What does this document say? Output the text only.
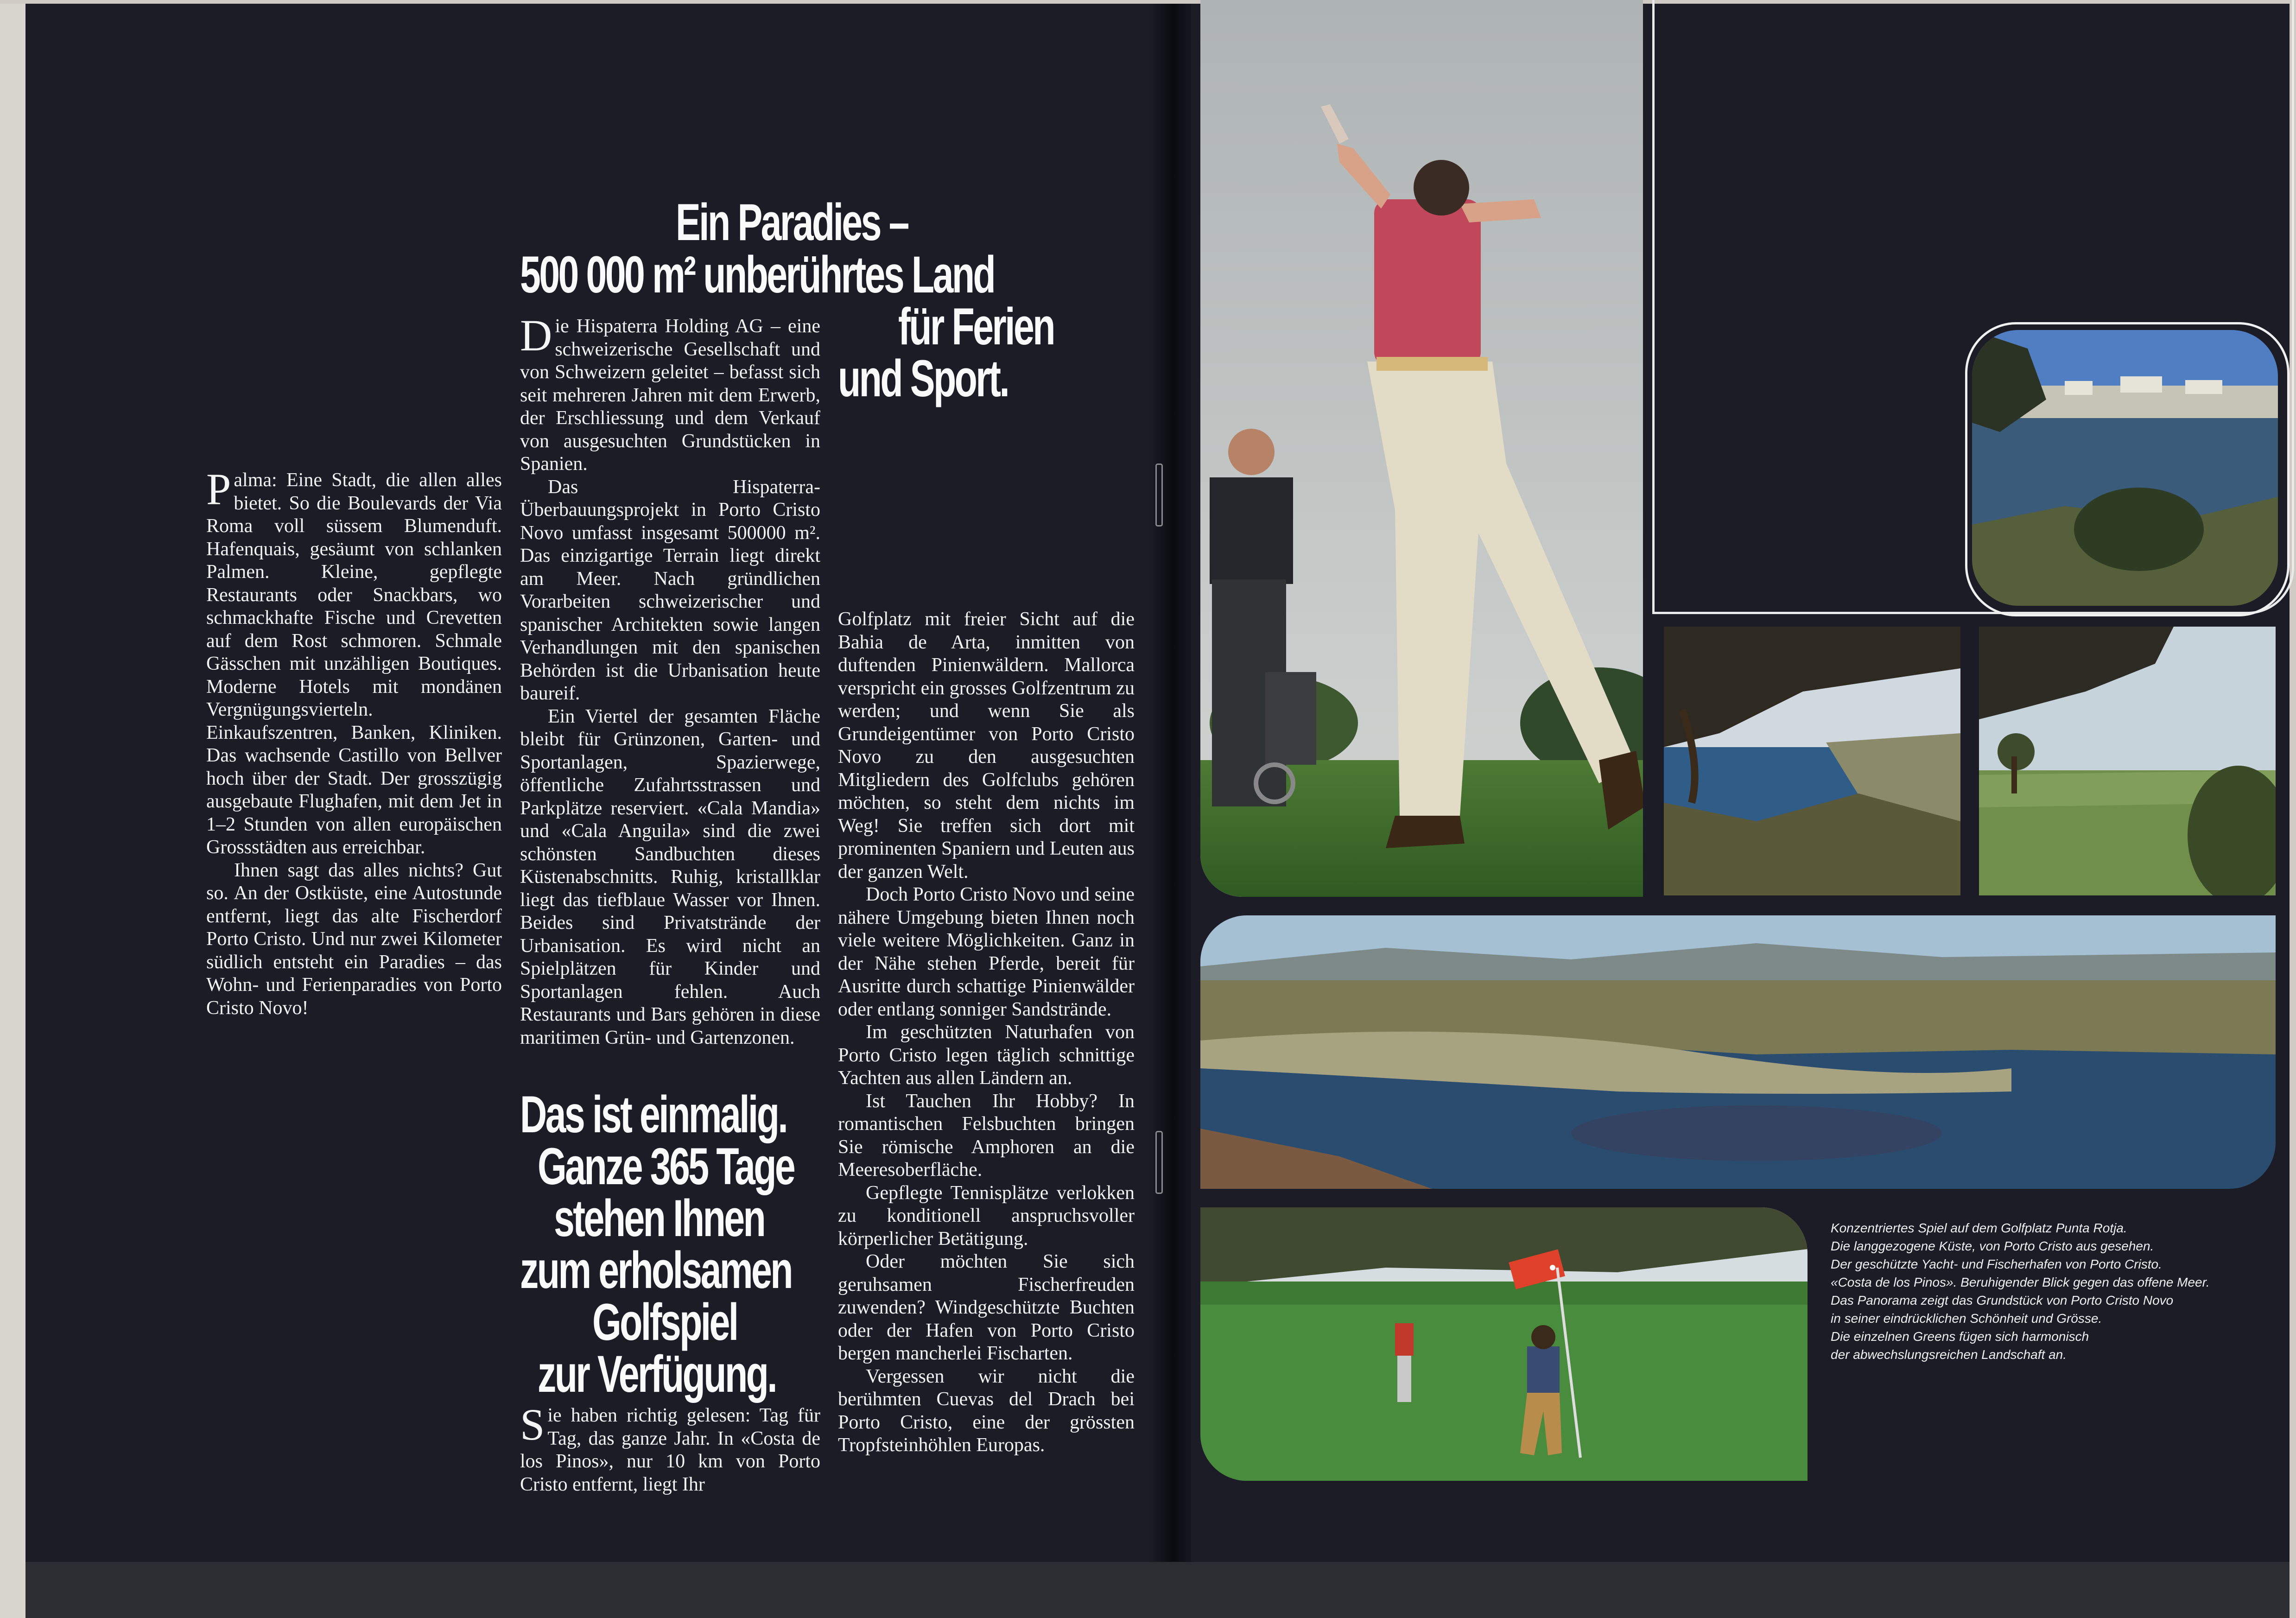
Ein Paradies –
500 000 m² unberührtes Land
für Ferien
und Sport.

Palma: Eine Stadt, die allen alles bietet. So die Boulevards der Via Roma voll süssem Blumenduft. Hafenquais, gesäumt von schlanken Palmen. Kleine, gepflegte Restaurants oder Snackbars, wo schmackhafte Fische und Crevetten auf dem Rost schmoren. Schmale Gässchen mit unzähligen Boutiques. Moderne Hotels mit mondänen Vergnügungsvierteln. Einkaufszentren, Banken, Kliniken. Das wachsende Castillo von Bellver hoch über der Stadt. Der grosszügig ausgebaute Flughafen, mit dem Jet in 1–2 Stunden von allen europäischen Grossstädten aus erreichbar.

Ihnen sagt das alles nichts? Gut so. An der Ostküste, eine Autostunde entfernt, liegt das alte Fischerdorf Porto Cristo. Und nur zwei Kilometer südlich entsteht ein Paradies – das Wohn- und Ferienparadies von Porto Cristo Novo!

Die Hispaterra Holding AG – eine schweizerische Gesellschaft und von Schweizern geleitet – befasst sich seit mehreren Jahren mit dem Erwerb, der Erschliessung und dem Verkauf von ausgesuchten Grundstücken in Spanien.

Das Hispaterra-Überbauungsprojekt in Porto Cristo Novo umfasst insgesamt 500000 m². Das einzigartige Terrain liegt direkt am Meer. Nach gründlichen Vorarbeiten schweizerischer und spanischer Architekten sowie langen Verhandlungen mit den spanischen Behörden ist die Urbanisation heute baureif.

Ein Viertel der gesamten Fläche bleibt für Grünzonen, Garten- und Sportanlagen, Spazierwege, öffentliche Zufahrtsstrassen und Parkplätze reserviert. «Cala Mandia» und «Cala Anguila» sind die zwei schönsten Sandbuchten dieses Küstenabschnitts. Ruhig, kristallklar liegt das tiefblaue Wasser vor Ihnen. Beides sind Privatstrände der Urbanisation. Es wird nicht an Spielplätzen für Kinder und Sportanlagen fehlen. Auch Restaurants und Bars gehören in diese maritimen Grün- und Gartenzonen.

Das ist einmalig.
Ganze 365 Tage
stehen Ihnen
zum erholsamen
Golfspiel
zur Verfügung.

Sie haben richtig gelesen: Tag für Tag, das ganze Jahr. In «Costa de los Pinos», nur 10 km von Porto Cristo entfernt, liegt Ihr

Golfplatz mit freier Sicht auf die Bahia de Arta, inmitten von duftenden Pinienwäldern. Mallorca verspricht ein grosses Golfzentrum zu werden; und wenn Sie als Grundeigentümer von Porto Cristo Novo zu den ausgesuchten Mitgliedern des Golfclubs gehören möchten, so steht dem nichts im Weg! Sie treffen sich dort mit prominenten Spaniern und Leuten aus der ganzen Welt.

Doch Porto Cristo Novo und seine nähere Umgebung bieten Ihnen noch viele weitere Möglichkeiten. Ganz in der Nähe stehen Pferde, bereit für Ausritte durch schattige Pinienwälder oder entlang sonniger Sandstrände.

Im geschützten Naturhafen von Porto Cristo legen täglich schnittige Yachten aus allen Ländern an.

Ist Tauchen Ihr Hobby? In romantischen Felsbuchten bringen Sie römische Amphoren an die Meeresoberfläche.

Gepflegte Tennisplätze verlokken zu konditionell anspruchsvoller körperlicher Betätigung.

Oder möchten Sie sich geruhsamen Fischerfreuden zuwenden? Windgeschützte Buchten oder der Hafen von Porto Cristo bergen mancherlei Fischarten.

Vergessen wir nicht die berühmten Cuevas del Drach bei Porto Cristo, eine der grössten Tropfsteinhöhlen Europas.

Konzentriertes Spiel auf dem Golfplatz Punta Rotja.
Die langgezogene Küste, von Porto Cristo aus gesehen.
Der geschützte Yacht- und Fischerhafen von Porto Cristo.
«Costa de los Pinos». Beruhigender Blick gegen das offene Meer.
Das Panorama zeigt das Grundstück von Porto Cristo Novo
in seiner eindrücklichen Schönheit und Grösse.
Die einzelnen Greens fügen sich harmonisch
der abwechslungsreichen Landschaft an.
